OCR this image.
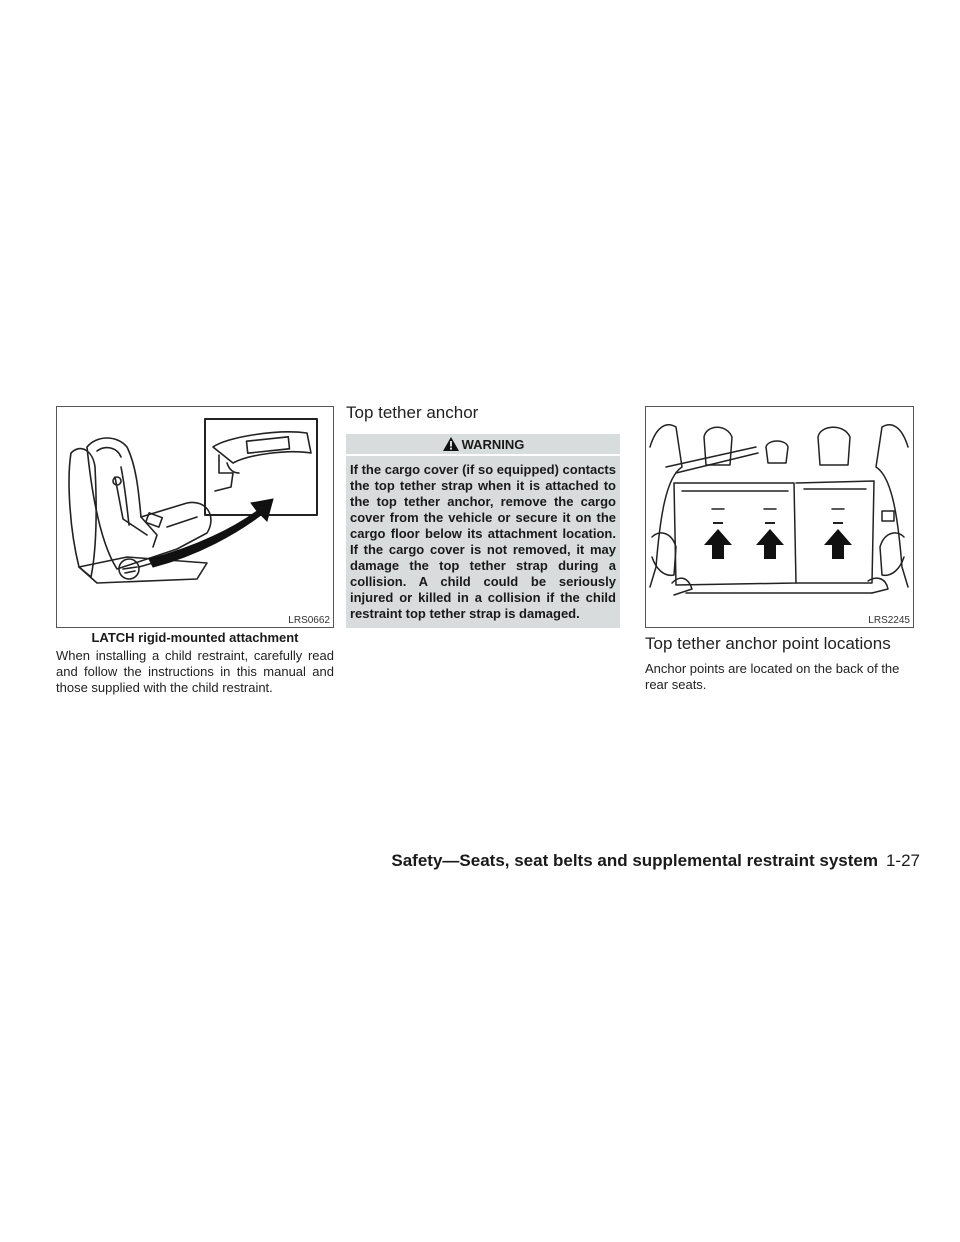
LRS0662
LATCH rigid-mounted attachment

When installing a child restraint, carefully read and follow the instructions in this manual and those supplied with the child restraint.

Top tether anchor
WARNING

If the cargo cover (if so equipped) contacts the top tether strap when it is attached to the top tether anchor, remove the cargo cover from the vehicle or secure it on the cargo floor below its attachment location. If the cargo cover is not removed, it may damage the top tether strap during a collision. A child could be seriously injured or killed in a collision if the child restraint top tether strap is damaged.	LRS2245
Top tether anchor point locations

Anchor points are located on the back of the rear seats.

Safety—Seats, seat belts and supplemental restraint system 1-27
